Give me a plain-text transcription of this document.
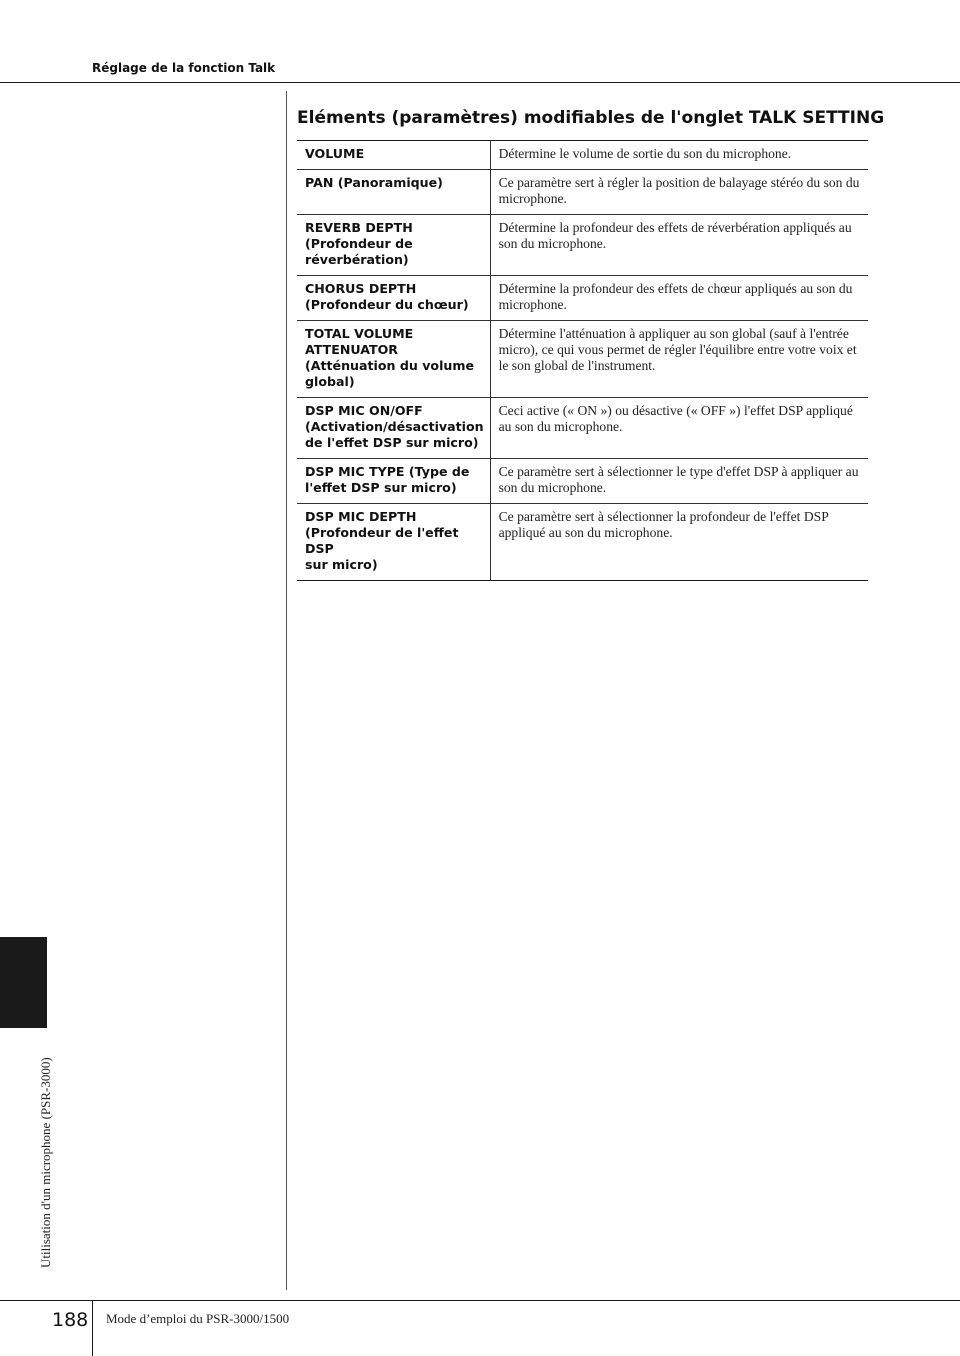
Réglage de la fonction Talk
Utilisation d'un microphone (PSR-3000)
Eléments (paramètres) modifiables de l'onglet TALK SETTING
VOLUME	Détermine le volume de sortie du son du microphone.

PAN (Panoramique)	Ce paramètre sert à régler la position de balayage stéréo du son du microphone.

REVERB DEPTH
(Profondeur de
réverbération)	Détermine la profondeur des effets de réverbération appliqués au son du microphone.

CHORUS DEPTH
(Profondeur du chœur)	Détermine la profondeur des effets de chœur appliqués au son du microphone.

TOTAL VOLUME
ATTENUATOR
(Atténuation du volume
global)	Détermine l'atténuation à appliquer au son global (sauf à l'entrée micro), ce qui vous permet de régler l'équilibre entre votre voix et le son global de l'instrument.

DSP MIC ON/OFF
(Activation/désactivation
de l'effet DSP sur micro)	Ceci active (« ON ») ou désactive (« OFF ») l'effet DSP appliqué au son du microphone.

DSP MIC TYPE (Type de
l'effet DSP sur micro)	Ce paramètre sert à sélectionner le type d'effet DSP à appliquer au son du microphone.

DSP MIC DEPTH
(Profondeur de l'effet DSP
sur micro)	Ce paramètre sert à sélectionner la profondeur de l'effet DSP appliqué au son du microphone.
188 Mode d’emploi du PSR-3000/1500
